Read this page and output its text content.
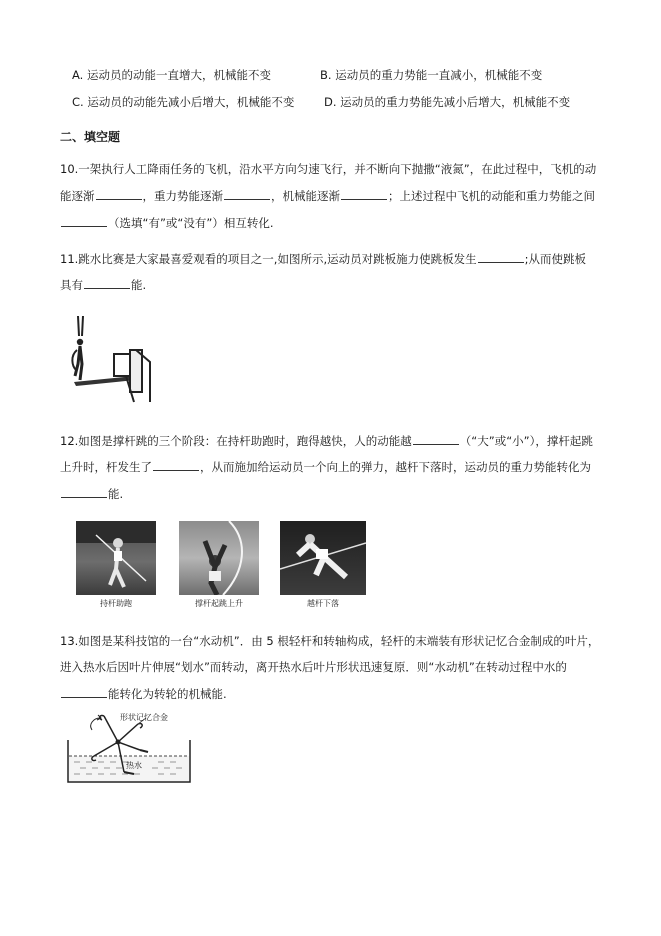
A. 运动员的动能一直增大，机械能不变	B. 运动员的重力势能一直减小，机械能不变
C. 运动员的动能先减小后增大，机械能不变	D. 运动员的重力势能先减小后增大，机械能不变
二、填空题
10.一架执行人工降雨任务的飞机，沿水平方向匀速飞行，并不断向下抛撒“液氮”，在此过程中，飞机的动
能逐渐	，重力势能逐渐	，机械能逐渐	；上述过程中飞机的动能和重力势能之间
（选填“有”或“没有”）相互转化.
11.跳水比赛是大家最喜爱观看的项目之一,如图所示,运动员对跳板施力使跳板发生	;从而使跳板
具有	能.
12.如图是撑杆跳的三个阶段：在持杆助跑时，跑得越快，人的动能越	（“大”或“小”），撑杆起跳
上升时，杆发生了	，从而施加给运动员一个向上的弹力，越杆下落时，运动员的重力势能转化为
能.
持杆助跑	撑杆起跳上升	越杆下落
13.如图是某科技馆的一台“水动机”．由 5 根轻杆和转轴构成，轻杆的末端装有形状记忆合金制成的叶片，
进入热水后因叶片伸展“划水”而转动，离开热水后叶片形状迅速复原．则“水动机”在转动过程中水的
能转化为转轮的机械能.
形状记忆合金
热水
